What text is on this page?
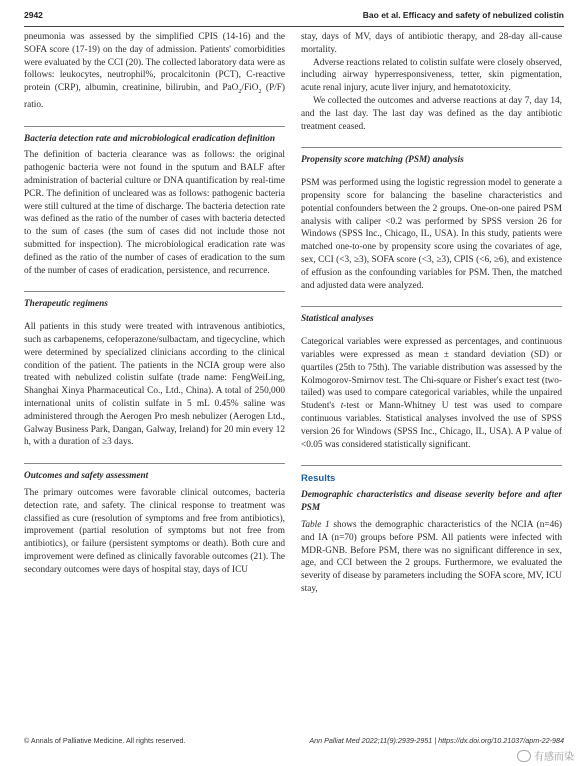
2942	Bao et al. Efficacy and safety of nebulized colistin

pneumonia was assessed by the simplified CPIS (14-16) and the SOFA score (17-19) on the day of admission. Patients' comorbidities were evaluated by the CCI (20). The collected laboratory data were as follows: leukocytes, neutrophil%, procalcitonin (PCT), C-reactive protein (CRP), albumin, creatinine, bilirubin, and PaO$_2$/FiO$_2$ (P/F) ratio.

Bacteria detection rate and microbiological eradication definition

The definition of bacteria clearance was as follows: the original pathogenic bacteria were not found in the sputum and BALF after administration of bacterial culture or DNA quantification by real-time PCR. The definition of uncleared was as follows: pathogenic bacteria were still cultured at the time of discharge. The bacteria detection rate was defined as the ratio of the number of cases with bacteria detected to the sum of cases (the sum of cases did not include those not submitted for inspection). The microbiological eradication rate was defined as the ratio of the number of cases of eradication to the sum of the number of cases of eradication, persistence, and recurrence.

Therapeutic regimens

All patients in this study were treated with intravenous antibiotics, such as carbapenems, cefoperazone/sulbactam, and tigecycline, which were determined by specialized clinicians according to the clinical condition of the patient. The patients in the NCIA group were also treated with nebulized colistin sulfate (trade name: FengWeiLing, Shanghai Xinya Pharmaceutical Co., Ltd., China). A total of 250,000 international units of colistin sulfate in 5 mL 0.45% saline was administered through the Aerogen Pro mesh nebulizer (Aerogen Ltd., Galway Business Park, Dangan, Galway, Ireland) for 20 min every 12 h, with a duration of ≥3 days.

Outcomes and safety assessment

The primary outcomes were favorable clinical outcomes, bacteria detection rate, and safety. The clinical response to treatment was classified as cure (resolution of symptoms and free from antibiotics), improvement (partial resolution of symptoms but not free from antibiotics), or failure (persistent symptoms or death). Both cure and improvement were defined as clinically favorable outcomes (21). The secondary outcomes were days of hospital stay, days of ICU

stay, days of MV, days of antibiotic therapy, and 28-day all-cause mortality.

Adverse reactions related to colistin sulfate were closely observed, including airway hyperresponsiveness, tetter, skin pigmentation, acute renal injury, acute liver injury, and hematotoxicity.

We collected the outcomes and adverse reactions at day 7, day 14, and the last day. The last day was defined as the day antibiotic treatment ceased.

Propensity score matching (PSM) analysis

PSM was performed using the logistic regression model to generate a propensity score for balancing the baseline characteristics and potential confounders between the 2 groups. One-on-one paired PSM analysis with caliper <0.2 was performed by SPSS version 26 for Windows (SPSS Inc., Chicago, IL, USA). In this study, patients were matched one-to-one by propensity score using the covariates of age, sex, CCI (<3, ≥3), SOFA score (<3, ≥3), CPIS (<6, ≥6), and existence of effusion as the confounding variables for PSM. Then, the matched and adjusted data were analyzed.

Statistical analyses

Categorical variables were expressed as percentages, and continuous variables were expressed as mean ± standard deviation (SD) or quartiles (25th to 75th). The variable distribution was assessed by the Kolmogorov-Smirnov test. The Chi-square or Fisher's exact test (two-tailed) was used to compare categorical variables, while the unpaired Student's t-test or Mann-Whitney U test was used to compare continuous variables. Statistical analyses involved the use of SPSS version 26 for Windows (SPSS Inc., Chicago, IL, USA). A P value of <0.05 was considered statistically significant.

Results

Demographic characteristics and disease severity before and after PSM

Table 1 shows the demographic characteristics of the NCIA (n=46) and IA (n=70) groups before PSM. All patients were infected with MDR-GNB. Before PSM, there was no significant difference in sex, age, and CCI between the 2 groups. Furthermore, we evaluated the severity of disease by parameters including the SOFA score, MV, ICU stay,

© Annals of Palliative Medicine. All rights reserved.	Ann Palliat Med 2022;11(9):2939-2951 | https://dx.doi.org/10.21037/apm-22-984
有感而染
